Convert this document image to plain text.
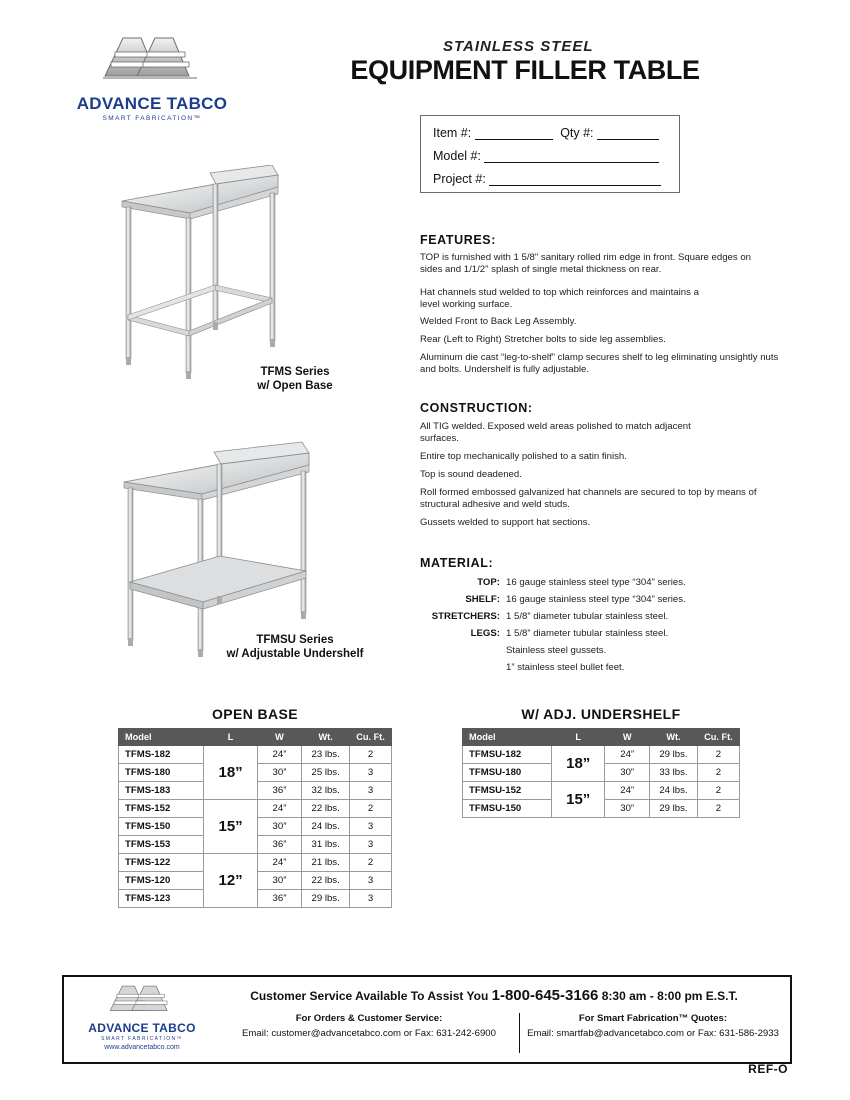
ADVANCE TABCO
SMART FABRICATION™
STAINLESS STEEL
EQUIPMENT FILLER TABLE
Item #:	Qty #:
Model #:
Project #:
FEATURES:
TOP is furnished with 1 5/8" sanitary rolled rim edge in front. Square edges on sides and 1/1/2" splash of single metal thickness on rear.
Hat channels stud welded to top which reinforces and maintains a level working surface.
Welded Front to Back Leg Assembly.
Rear (Left to Right) Stretcher bolts to side leg assemblies.
Aluminum die cast “leg-to-shelf” clamp secures shelf to leg eliminating unsightly nuts and bolts. Undershelf is fully adjustable.
CONSTRUCTION:
All TIG welded. Exposed weld areas polished to match adjacent surfaces.
Entire top mechanically polished to a satin finish.
Top is sound deadened.
Roll formed embossed galvanized hat channels are secured to top by means of structural adhesive and weld studs.
Gussets welded to support hat sections.
MATERIAL:
TOP: 16 gauge stainless steel type “304” series.
SHELF: 16 gauge stainless steel type “304” series.
STRETCHERS: 1 5/8” diameter tubular stainless steel.
LEGS: 1 5/8” diameter tubular stainless steel.
Stainless steel gussets.
1” stainless steel bullet feet.
TFMS Series
w/ Open Base
TFMSU Series
w/ Adjustable Undershelf
OPEN BASE
Model	L	W	Wt.	Cu. Ft.
TFMS-182	18”	24”	23 lbs.	2
TFMS-180		30”	25 lbs.	3
TFMS-183		36”	32 lbs.	3
TFMS-152	15”	24”	22 lbs.	2
TFMS-150		30”	24 lbs.	3
TFMS-153		36”	31 lbs.	3
TFMS-122	12”	24”	21 lbs.	2
TFMS-120		30”	22 lbs.	3
TFMS-123		36”	29 lbs.	3
W/ ADJ. UNDERSHELF
Model	L	W	Wt.	Cu. Ft.
TFMSU-182	18”	24”	29 lbs.	2
TFMSU-180		30”	33 lbs.	2
TFMSU-152	15”	24”	24 lbs.	2
TFMSU-150		30”	29 lbs.	2
ADVANCE TABCO
SMART FABRICATION™
www.advancetabco.com
Customer Service Available To Assist You 1-800-645-3166 8:30 am - 8:00 pm E.S.T.
For Orders & Customer Service:
Email: customer@advancetabco.com or Fax: 631-242-6900
For Smart Fabrication™ Quotes:
Email: smartfab@advancetabco.com or Fax: 631-586-2933
REF-O
